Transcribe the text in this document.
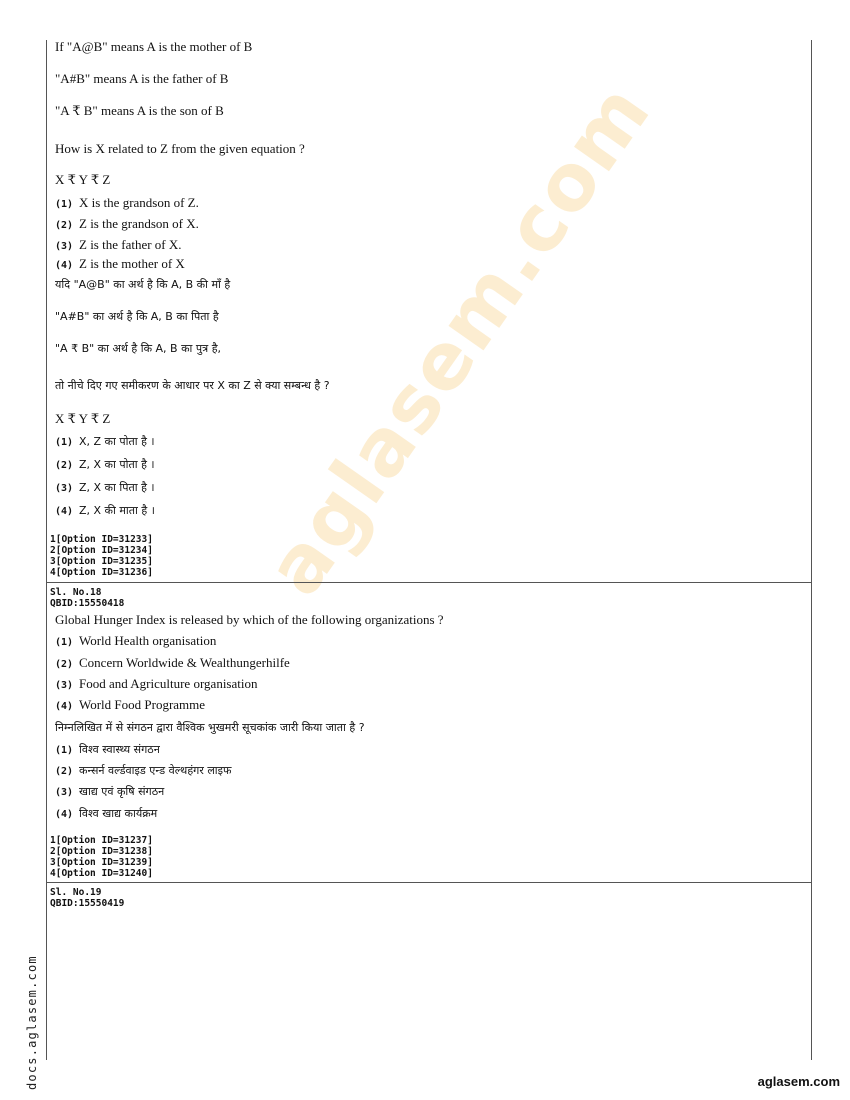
aglasem.com
If "A@B" means A is the mother of B
"A#B" means A is the father of B
"A ₹ B" means A is the son of B
How is X related to Z from the given equation ?
X ₹ Y ₹ Z
(1) X is the grandson of Z.
(2) Z is the grandson of X.
(3) Z is the father of X.
(4) Z is the mother of X
यदि "A@B" का अर्थ है कि A, B की माँ है
"A#B" का अर्थ है कि A, B का पिता है
"A ₹ B" का अर्थ है कि A, B का पुत्र है,
तो नीचे दिए गए समीकरण के आधार पर X का Z से क्या सम्बन्ध है ?
X ₹ Y ₹ Z
(1) X, Z का पोता है ।
(2) Z, X का पोता है ।
(3) Z, X का पिता है ।
(4) Z, X की माता है ।
1[Option ID=31233]
2[Option ID=31234]
3[Option ID=31235]
4[Option ID=31236]
Sl. No.18
QBID:15550418
Global Hunger Index is released by which of the following organizations ?
(1) World Health organisation
(2) Concern Worldwide & Wealthungerhilfe
(3) Food and Agriculture organisation
(4) World Food Programme
निम्नलिखित में से संगठन द्वारा वैश्विक भुखमरी सूचकांक जारी किया जाता है ?
(1) विश्व स्वास्थ्य संगठन
(2) कन्सर्न वर्ल्डवाइड एन्ड वेल्थहंगर लाइफ
(3) खाद्य एवं कृषि संगठन
(4) विश्व खाद्य कार्यक्रम
1[Option ID=31237]
2[Option ID=31238]
3[Option ID=31239]
4[Option ID=31240]
Sl. No.19
QBID:15550419
docs.aglasem.com	aglasem.com
